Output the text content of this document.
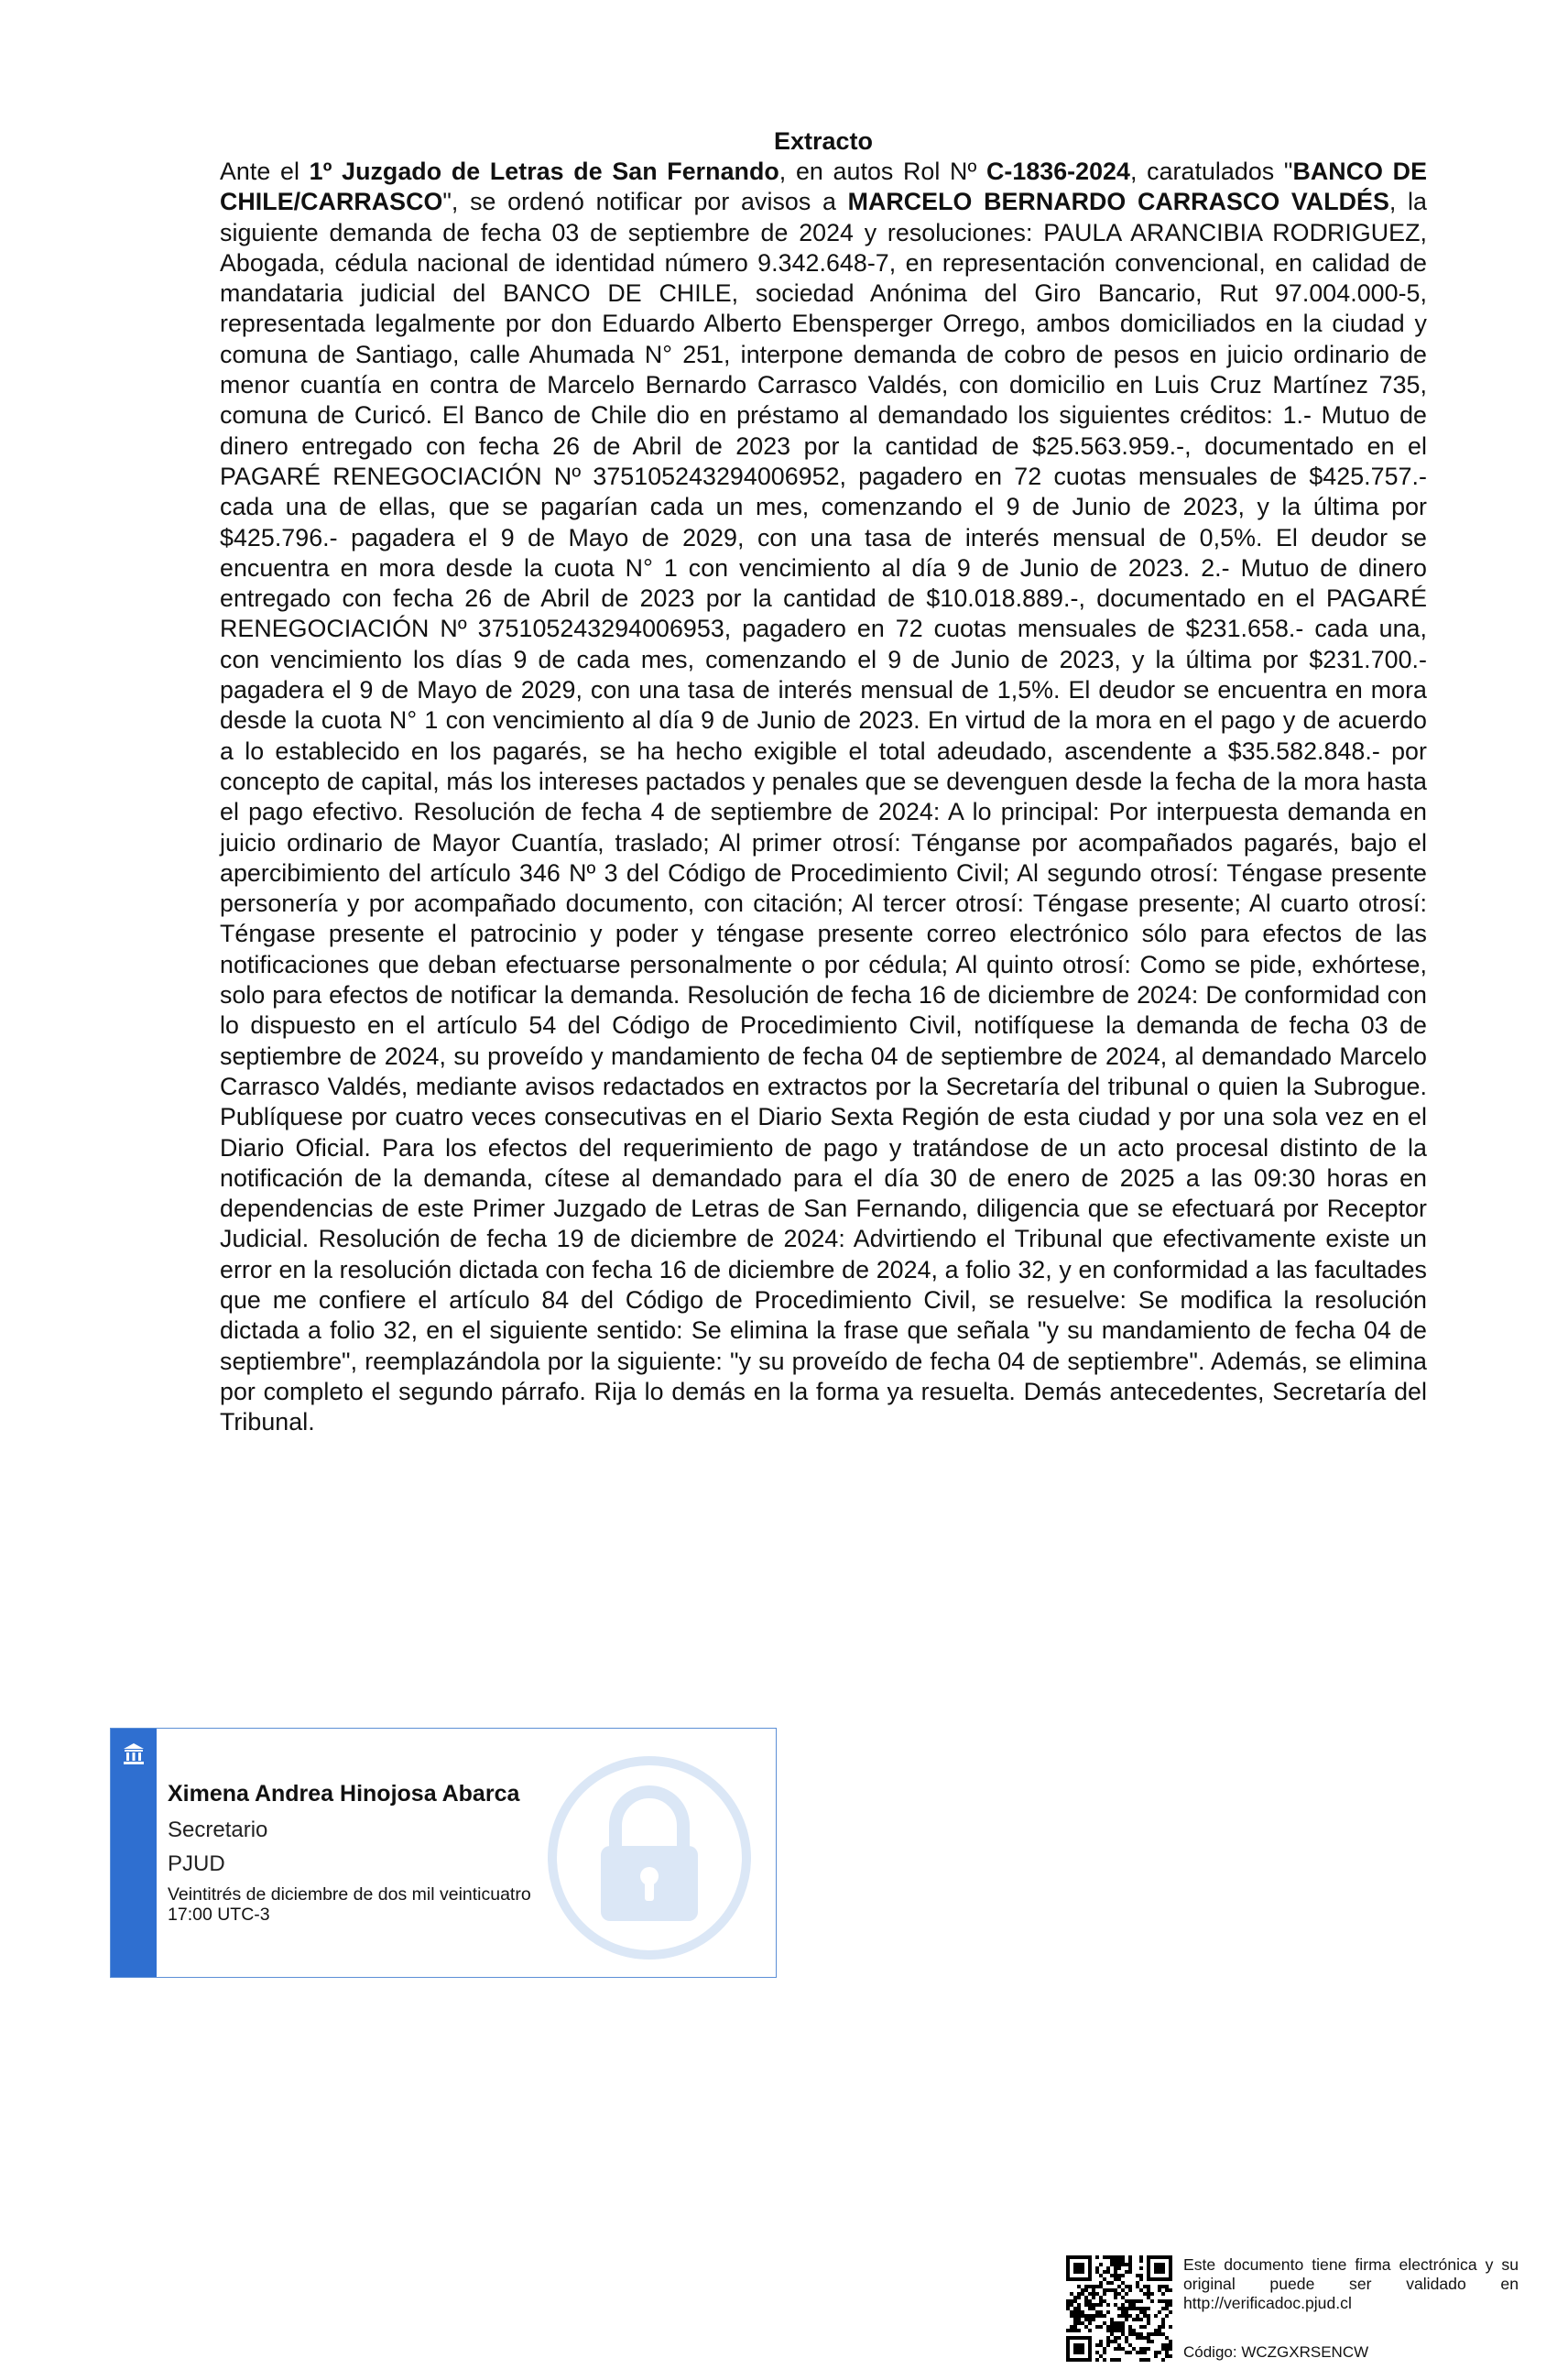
Extracto

Ante el 1º Juzgado de Letras de San Fernando, en autos Rol Nº C-1836-2024, caratulados "BANCO DE CHILE/CARRASCO", se ordenó notificar por avisos a MARCELO BERNARDO CARRASCO VALDÉS, la siguiente demanda de fecha 03 de septiembre de 2024 y resoluciones: PAULA ARANCIBIA RODRIGUEZ, Abogada, cédula nacional de identidad número 9.342.648-7, en representación convencional, en calidad de mandataria judicial del BANCO DE CHILE, sociedad Anónima del Giro Bancario, Rut 97.004.000-5, representada legalmente por don Eduardo Alberto Ebensperger Orrego, ambos domiciliados en la ciudad y comuna de Santiago, calle Ahumada N° 251, interpone demanda de cobro de pesos en juicio ordinario de menor cuantía en contra de Marcelo Bernardo Carrasco Valdés, con domicilio en Luis Cruz Martínez 735, comuna de Curicó. El Banco de Chile dio en préstamo al demandado los siguientes créditos: 1.- Mutuo de dinero entregado con fecha 26 de Abril de 2023 por la cantidad de $25.563.959.-, documentado en el PAGARÉ RENEGOCIACIÓN Nº 375105243294006952, pagadero en 72 cuotas mensuales de $425.757.- cada una de ellas, que se pagarían cada un mes, comenzando el 9 de Junio de 2023, y la última por $425.796.- pagadera el 9 de Mayo de 2029, con una tasa de interés mensual de 0,5%. El deudor se encuentra en mora desde la cuota N° 1 con vencimiento al día 9 de Junio de 2023. 2.- Mutuo de dinero entregado con fecha 26 de Abril de 2023 por la cantidad de $10.018.889.-, documentado en el PAGARÉ RENEGOCIACIÓN Nº 375105243294006953, pagadero en 72 cuotas mensuales de $231.658.- cada una, con vencimiento los días 9 de cada mes, comenzando el 9 de Junio de 2023, y la última por $231.700.- pagadera el 9 de Mayo de 2029, con una tasa de interés mensual de 1,5%. El deudor se encuentra en mora desde la cuota N° 1 con vencimiento al día 9 de Junio de 2023. En virtud de la mora en el pago y de acuerdo a lo establecido en los pagarés, se ha hecho exigible el total adeudado, ascendente a $35.582.848.- por concepto de capital, más los intereses pactados y penales que se devenguen desde la fecha de la mora hasta el pago efectivo. Resolución de fecha 4 de septiembre de 2024: A lo principal: Por interpuesta demanda en juicio ordinario de Mayor Cuantía, traslado; Al primer otrosí: Ténganse por acompañados pagarés, bajo el apercibimiento del artículo 346 Nº 3 del Código de Procedimiento Civil; Al segundo otrosí: Téngase presente personería y por acompañado documento, con citación; Al tercer otrosí: Téngase presente; Al cuarto otrosí: Téngase presente el patrocinio y poder y téngase presente correo electrónico sólo para efectos de las notificaciones que deban efectuarse personalmente o por cédula; Al quinto otrosí: Como se pide, exhórtese, solo para efectos de notificar la demanda. Resolución de fecha 16 de diciembre de 2024: De conformidad con lo dispuesto en el artículo 54 del Código de Procedimiento Civil, notifíquese la demanda de fecha 03 de septiembre de 2024, su proveído y mandamiento de fecha 04 de septiembre de 2024, al demandado Marcelo Carrasco Valdés, mediante avisos redactados en extractos por la Secretaría del tribunal o quien la Subrogue. Publíquese por cuatro veces consecutivas en el Diario Sexta Región de esta ciudad y por una sola vez en el Diario Oficial. Para los efectos del requerimiento de pago y tratándose de un acto procesal distinto de la notificación de la demanda, cítese al demandado para el día 30 de enero de 2025 a las 09:30 horas en dependencias de este Primer Juzgado de Letras de San Fernando, diligencia que se efectuará por Receptor Judicial. Resolución de fecha 19 de diciembre de 2024: Advirtiendo el Tribunal que efectivamente existe un error en la resolución dictada con fecha 16 de diciembre de 2024, a folio 32, y en conformidad a las facultades que me confiere el artículo 84 del Código de Procedimiento Civil, se resuelve: Se modifica la resolución dictada a folio 32, en el siguiente sentido: Se elimina la frase que señala "y su mandamiento de fecha 04 de septiembre", reemplazándola por la siguiente: "y su proveído de fecha 04 de septiembre". Además, se elimina por completo el segundo párrafo. Rija lo demás en la forma ya resuelta. Demás antecedentes, Secretaría del Tribunal.

Ximena Andrea Hinojosa Abarca
Secretario
PJUD
Veintitrés de diciembre de dos mil veinticuatro
17:00 UTC-3

Este documento tiene firma electrónica y su original puede ser validado en http://verificadoc.pjud.cl

Código: WCZGXRSENCW
